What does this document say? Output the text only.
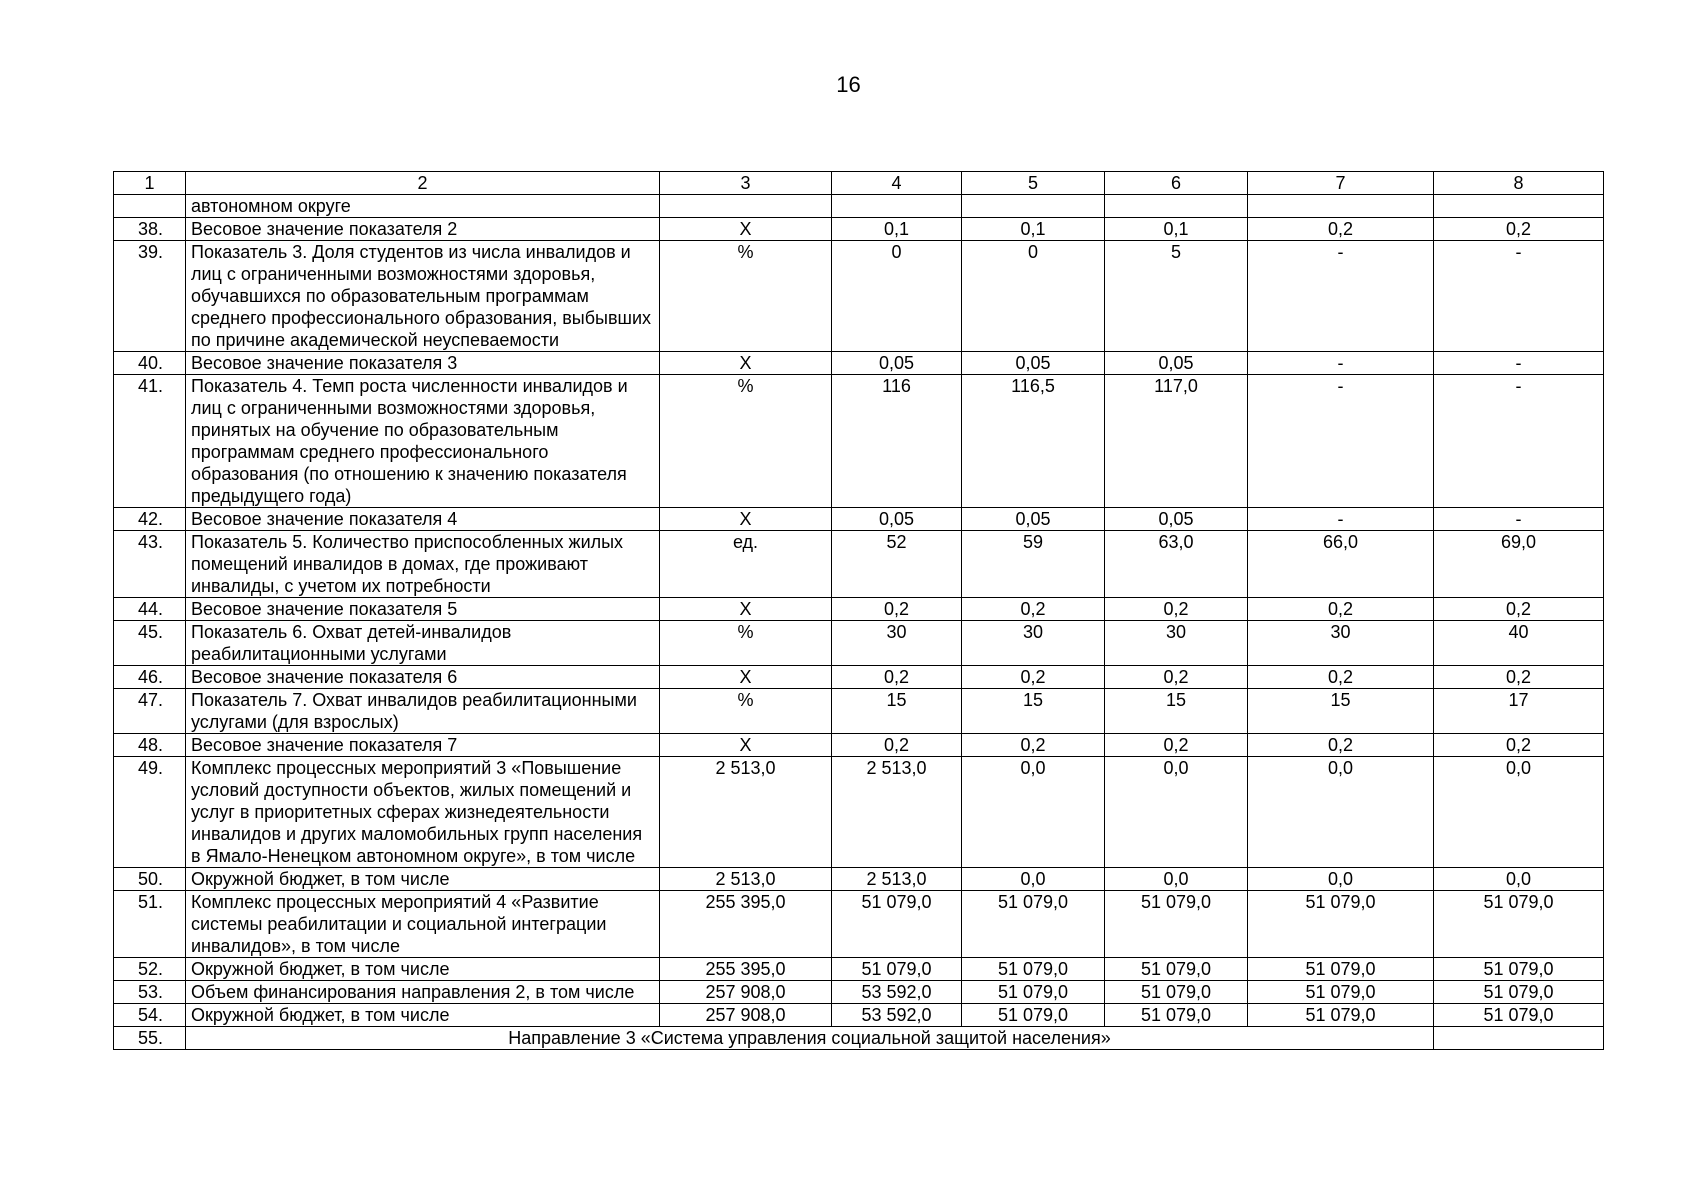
16
1	2	3	4	5	6	7	8
	автономном округе						
38.	Весовое значение показателя 2	Х	0,1	0,1	0,1	0,2	0,2
39.	Показатель 3. Доля студентов из числа инвалидов и лиц с ограниченными возможностями здоровья, обучавшихся по образовательным программам среднего профессионального образования, выбывших по причине академической неуспеваемости	%	0	0	5	-	-
40.	Весовое значение показателя 3	Х	0,05	0,05	0,05	-	-
41.	Показатель 4. Темп роста численности инвалидов и лиц с ограниченными возможностями здоровья, принятых на обучение по образовательным программам среднего профессионального образования (по отношению к значению показателя предыдущего года)	%	116	116,5	117,0	-	-
42.	Весовое значение показателя 4	Х	0,05	0,05	0,05	-	-
43.	Показатель 5. Количество приспособленных жилых помещений инвалидов в домах, где проживают инвалиды, с учетом их потребности	ед.	52	59	63,0	66,0	69,0
44.	Весовое значение показателя 5	Х	0,2	0,2	0,2	0,2	0,2
45.	Показатель 6. Охват детей-инвалидов реабилитационными услугами	%	30	30	30	30	40
46.	Весовое значение показателя 6	Х	0,2	0,2	0,2	0,2	0,2
47.	Показатель 7. Охват инвалидов реабилитационными услугами (для взрослых)	%	15	15	15	15	17
48.	Весовое значение показателя 7	Х	0,2	0,2	0,2	0,2	0,2
49.	Комплекс процессных мероприятий 3 «Повышение условий доступности объектов, жилых помещений и услуг в приоритетных сферах жизнедеятельности инвалидов и других маломобильных групп населения в Ямало-Ненецком автономном округе», в том числе	2 513,0	2 513,0	0,0	0,0	0,0	0,0
50.	Окружной бюджет, в том числе	2 513,0	2 513,0	0,0	0,0	0,0	0,0
51.	Комплекс процессных мероприятий 4 «Развитие системы реабилитации и социальной интеграции инвалидов», в том числе	255 395,0	51 079,0	51 079,0	51 079,0	51 079,0	51 079,0
52.	Окружной бюджет, в том числе	255 395,0	51 079,0	51 079,0	51 079,0	51 079,0	51 079,0
53.	Объем финансирования направления 2, в том числе	257 908,0	53 592,0	51 079,0	51 079,0	51 079,0	51 079,0
54.	Окружной бюджет, в том числе	257 908,0	53 592,0	51 079,0	51 079,0	51 079,0	51 079,0
55.	Направление 3 «Система управления социальной защитой населения»						
